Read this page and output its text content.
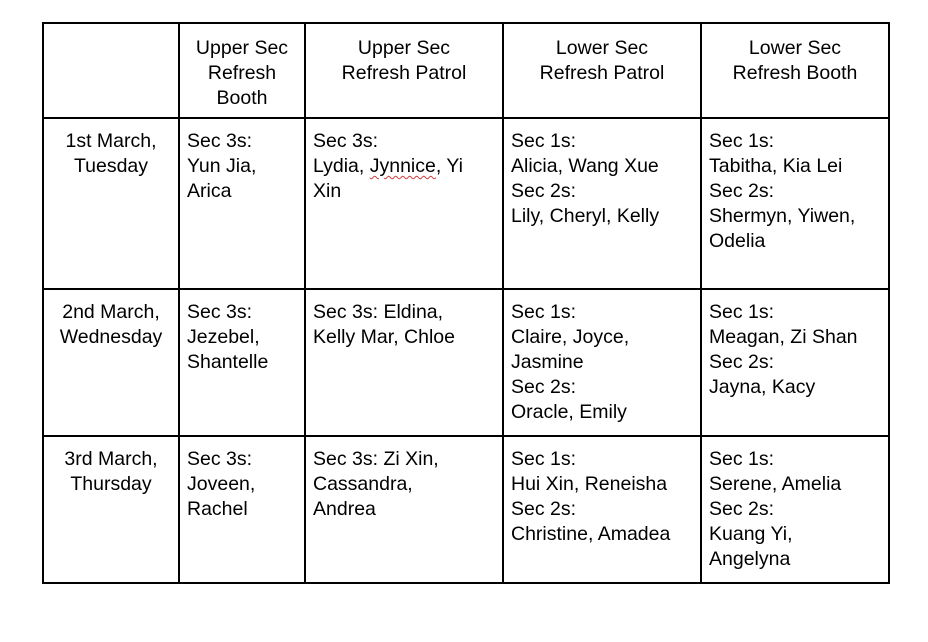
	Upper Sec
Refresh
Booth	Upper Sec
Refresh Patrol	Lower Sec
Refresh Patrol	Lower Sec
Refresh Booth

1st March,
Tuesday	Sec 3s:
Yun Jia,
Arica	Sec 3s:
Lydia, Jynnice, Yi
Xin	Sec 1s:
Alicia, Wang Xue
Sec 2s:
Lily, Cheryl, Kelly	Sec 1s:
Tabitha, Kia Lei
Sec 2s:
Shermyn, Yiwen,
Odelia

2nd March,
Wednesday	Sec 3s:
Jezebel,
Shantelle	Sec 3s: Eldina,
Kelly Mar, Chloe	Sec 1s:
Claire, Joyce,
Jasmine
Sec 2s:
Oracle, Emily	Sec 1s:
Meagan, Zi Shan
Sec 2s:
Jayna, Kacy

3rd March,
Thursday	Sec 3s:
Joveen,
Rachel	Sec 3s: Zi Xin,
Cassandra,
Andrea	Sec 1s:
Hui Xin, Reneisha
Sec 2s:
Christine, Amadea	Sec 1s:
Serene, Amelia
Sec 2s:
Kuang Yi,
Angelyna
